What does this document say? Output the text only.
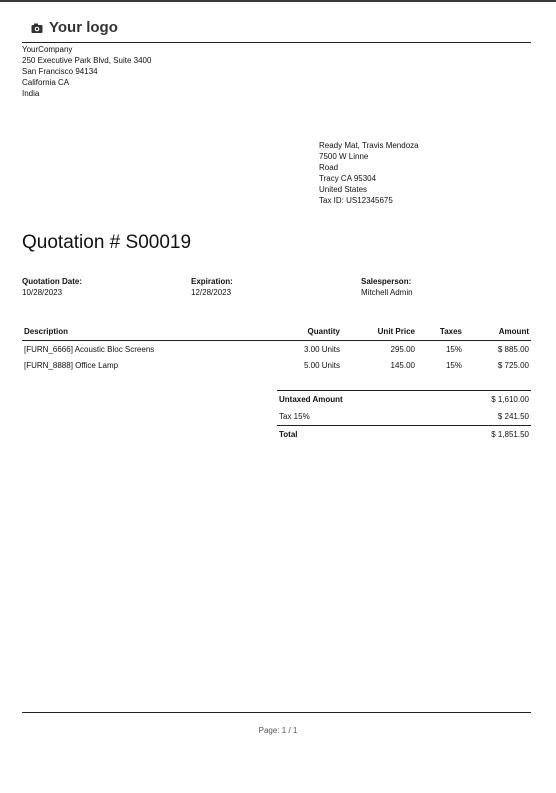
Your logo
YourCompany
250 Executive Park Blvd, Suite 3400
San Francisco 94134
California CA
India
Ready Mat, Travis Mendoza
7500 W Linne
Road
Tracy CA 95304
United States
Tax ID: US12345675
Quotation # S00019
Quotation Date:
10/28/2023
Expiration:
12/28/2023
Salesperson:
Mitchell Admin
Description	Quantity	Unit Price	Taxes	Amount
[FURN_6666] Acoustic Bloc Screens	3.00 Units	295.00	15%	$ 885.00
[FURN_8888] Office Lamp	5.00 Units	145.00	15%	$ 725.00
Untaxed Amount	$ 1,610.00
Tax 15%	$ 241.50
Total	$ 1,851.50
Page: 1 / 1
